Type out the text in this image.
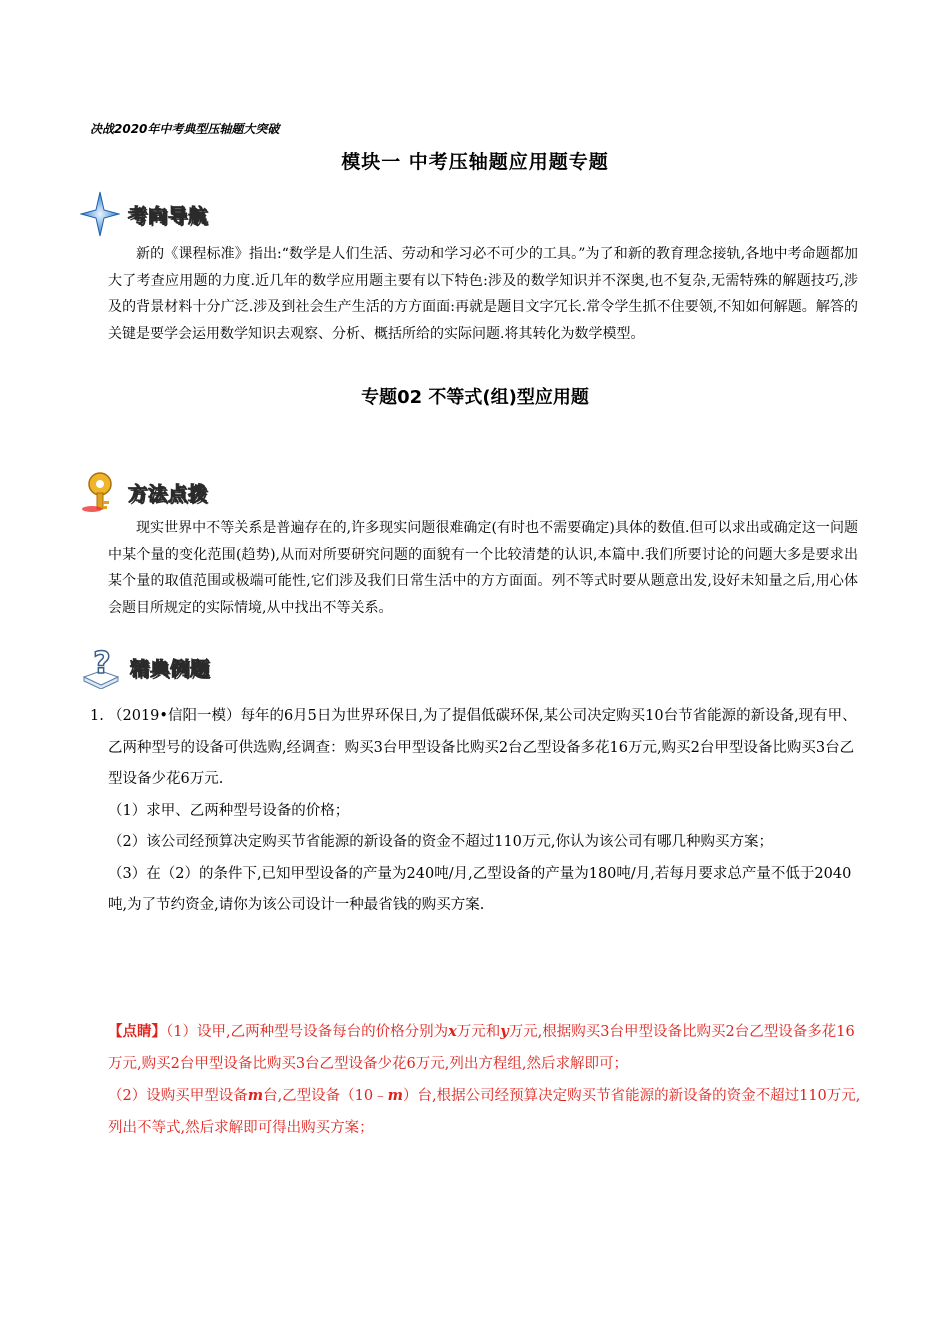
决战2020年中考典型压轴题大突破
模块一 中考压轴题应用题专题
考向导航
新的《课程标准》指出:“数学是人们生活、劳动和学习必不可少的工具。”为了和新的教育理念接轨,各地中考命题都加大了考查应用题的力度.近几年的数学应用题主要有以下特色:涉及的数学知识并不深奥,也不复杂,无需特殊的解题技巧,涉及的背景材料十分广泛.涉及到社会生产生活的方方面面:再就是题目文字冗长.常令学生抓不住要领,不知如何解题。解答的关键是要学会运用数学知识去观察、分析、概括所给的实际问题.将其转化为数学模型。
专题02 不等式(组)型应用题
方法点拨
现实世界中不等关系是普遍存在的,许多现实问题很难确定(有时也不需要确定)具体的数值.但可以求出或确定这一问题中某个量的变化范围(趋势),从而对所要研究问题的面貌有一个比较清楚的认识,本篇中.我们所要讨论的问题大多是要求出某个量的取值范围或极端可能性,它们涉及我们日常生活中的方方面面。列不等式时要从题意出发,设好未知量之后,用心体会题目所规定的实际情境,从中找出不等关系。
? 精典例题
1. （2019•信阳一模）每年的6月5日为世界环保日,为了提倡低碳环保,某公司决定购买10台节省能源的新设备,现有甲、乙两种型号的设备可供选购,经调查：购买3台甲型设备比购买2台乙型设备多花16万元,购买2台甲型设备比购买3台乙型设备少花6万元.
（1）求甲、乙两种型号设备的价格；
（2）该公司经预算决定购买节省能源的新设备的资金不超过110万元,你认为该公司有哪几种购买方案；
（3）在（2）的条件下,已知甲型设备的产量为240吨/月,乙型设备的产量为180吨/月,若每月要求总产量不低于2040吨,为了节约资金,请你为该公司设计一种最省钱的购买方案.
【点睛】（1）设甲,乙两种型号设备每台的价格分别为x万元和y万元,根据购买3台甲型设备比购买2台乙型设备多花16万元,购买2台甲型设备比购买3台乙型设备少花6万元,列出方程组,然后求解即可；
（2）设购买甲型设备m台,乙型设备（10﹣m）台,根据公司经预算决定购买节省能源的新设备的资金不超过110万元,列出不等式,然后求解即可得出购买方案；
